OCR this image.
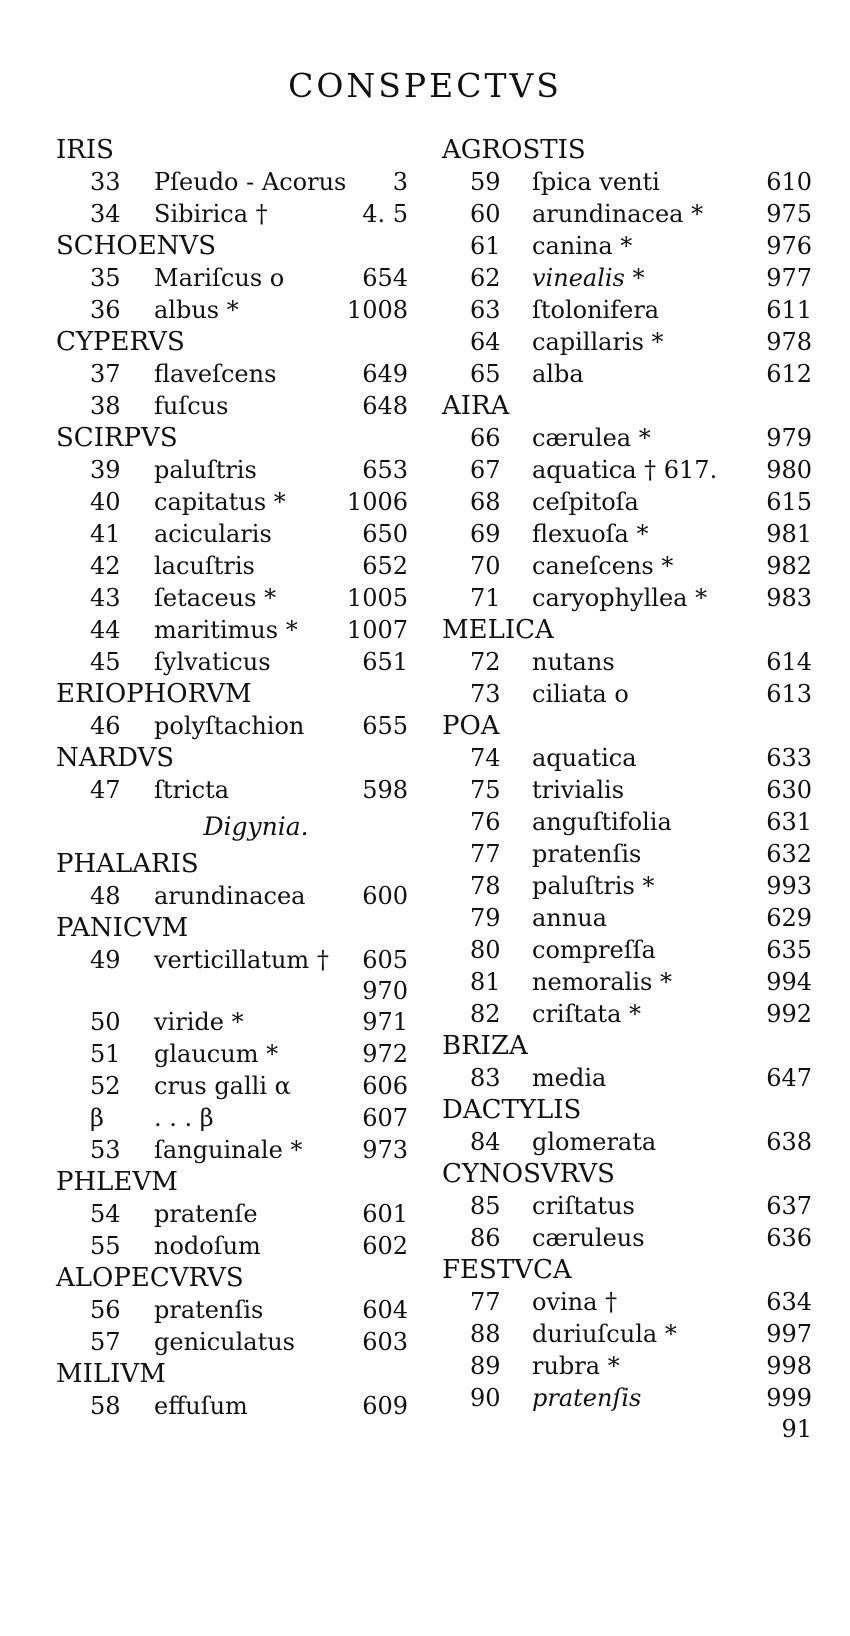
CONSPECTVS
IRIS
33	Pſeudo - Acorus 3
34	Sibirica †	4. 5
SCHOENVS
35	Mariſcus o	654
36	albus *	1008
CYPERVS
37	flaveſcens	649
38	fuſcus	648
SCIRPVS
39	paluſtris	653
40	capitatus *	1006
41	acicularis	650
42	lacuſtris	652
43	ſetaceus *	1005
44	maritimus * 1007
45	ſylvaticus	651
ERIOPHORVM
46	polyſtachion 655
NARDVS
47	ſtricta	598
Digynia.
PHALARIS
48	arundinacea 600
PANICVM
49	verticillatum † 605
970
50	viride *	971
51	glaucum *	972
52	crus galli α	606
β	. . . β	607
53	ſanguinale * 973
PHLEVM
54	pratenſe	601
55	nodoſum	602
ALOPECVRVS
56	pratenſis	604
57	geniculatus	603
MILIVM
58	effuſum	609
AGROSTIS
59	ſpica venti	610
60	arundinacea *	975
61	canina *	976
62	vinealis *	977
63	ſtolonifera	611
64	capillaris *	978
65	alba	612
AIRA
66	cærulea *	979
67	aquatica † 617. 980
68	ceſpitoſa	615
69	flexuoſa *	981
70	caneſcens *	982
71	caryophyllea * 983
MELICA
72	nutans	614
73	ciliata o	613
POA
74	aquatica	633
75	trivialis	630
76	anguſtifolia	631
77	pratenſis	632
78	paluſtris *	993
79	annua	629
80	compreſſa	635
81	nemoralis *	994
82	criſtata *	992
BRIZA
83	media	647
DACTYLIS
84	glomerata	638
CYNOSVRVS
85	criſtatus	637
86	cæruleus	636
FESTVCA
77	ovina †	634
88	duriuſcula *	997
89	rubra *	998
90	pratenſis	999
91
